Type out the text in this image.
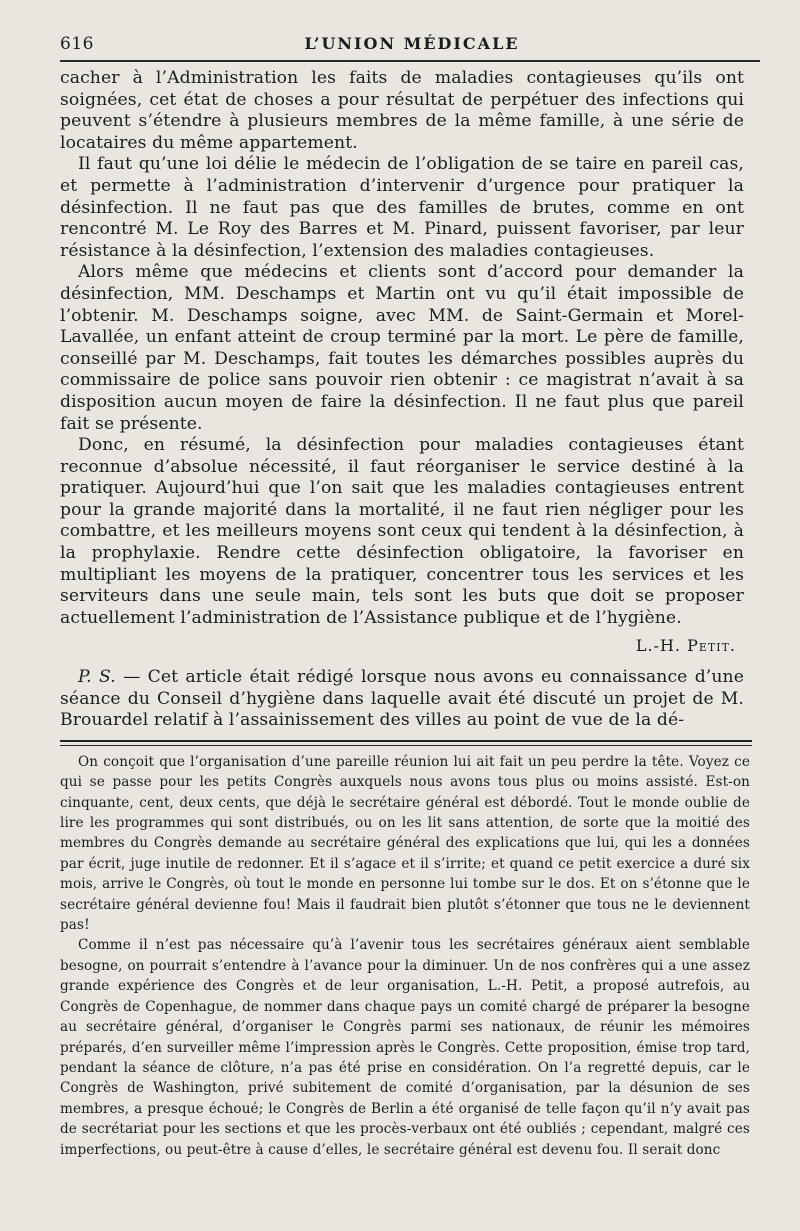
616	L’UNION MÉDICALE

cacher à l’Administration les faits de maladies contagieuses qu’ils ont soignées, cet état de choses a pour résultat de perpétuer des infections qui peuvent s’étendre à plusieurs membres de la même famille, à une série de locataires du même appartement.

Il faut qu’une loi délie le médecin de l’obligation de se taire en pareil cas, et permette à l’administration d’intervenir d’urgence pour pratiquer la désinfection. Il ne faut pas que des familles de brutes, comme en ont rencontré M. Le Roy des Barres et M. Pinard, puissent favoriser, par leur résistance à la désinfection, l’extension des maladies contagieuses.

Alors même que médecins et clients sont d’accord pour demander la désinfection, MM. Deschamps et Martin ont vu qu’il était impossible de l’obtenir. M. Deschamps soigne, avec MM. de Saint-Germain et Morel-Lavallée, un enfant atteint de croup terminé par la mort. Le père de famille, conseillé par M. Deschamps, fait toutes les démarches possibles auprès du commissaire de police sans pouvoir rien obtenir : ce magistrat n’avait à sa disposition aucun moyen de faire la désinfection. Il ne faut plus que pareil fait se présente.

Donc, en résumé, la désinfection pour maladies contagieuses étant reconnue d’absolue nécessité, il faut réorganiser le service destiné à la pratiquer. Aujourd’hui que l’on sait que les maladies contagieuses entrent pour la grande majorité dans la mortalité, il ne faut rien négliger pour les combattre, et les meilleurs moyens sont ceux qui tendent à la désinfection, à la prophylaxie. Rendre cette désinfection obligatoire, la favoriser en multipliant les moyens de la pratiquer, concentrer tous les services et les serviteurs dans une seule main, tels sont les buts que doit se proposer actuellement l’administration de l’Assistance publique et de l’hygiène.

L.-H. Petit.

P. S. — Cet article était rédigé lorsque nous avons eu connaissance d’une séance du Conseil d’hygiène dans laquelle avait été discuté un projet de M. Brouardel relatif à l’assainissement des villes au point de vue de la dé-

On conçoit que l’organisation d’une pareille réunion lui ait fait un peu perdre la tête. Voyez ce qui se passe pour les petits Congrès auxquels nous avons tous plus ou moins assisté. Est-on cinquante, cent, deux cents, que déjà le secrétaire général est débordé. Tout le monde oublie de lire les programmes qui sont distribués, ou on les lit sans attention, de sorte que la moitié des membres du Congrès demande au secrétaire général des explications que lui, qui les a données par écrit, juge inutile de redonner. Et il s’agace et il s’irrite; et quand ce petit exercice a duré six mois, arrive le Congrès, où tout le monde en personne lui tombe sur le dos. Et on s’étonne que le secrétaire général devienne fou! Mais il faudrait bien plutôt s’étonner que tous ne le deviennent pas!

Comme il n’est pas nécessaire qu’à l’avenir tous les secrétaires généraux aient semblable besogne, on pourrait s’entendre à l’avance pour la diminuer. Un de nos confrères qui a une assez grande expérience des Congrès et de leur organisation, L.-H. Petit, a proposé autrefois, au Congrès de Copenhague, de nommer dans chaque pays un comité chargé de préparer la besogne au secrétaire général, d’organiser le Congrès parmi ses nationaux, de réunir les mémoires préparés, d’en surveiller même l’impression après le Congrès. Cette proposition, émise trop tard, pendant la séance de clôture, n’a pas été prise en considération. On l’a regretté depuis, car le Congrès de Washington, privé subitement de comité d’organisation, par la désunion de ses membres, a presque échoué; le Congrès de Berlin a été organisé de telle façon qu’il n’y avait pas de secrétariat pour les sections et que les procès-verbaux ont été oubliés ; cependant, malgré ces imperfections, ou peut-être à cause d’elles, le secrétaire général est devenu fou. Il serait donc
